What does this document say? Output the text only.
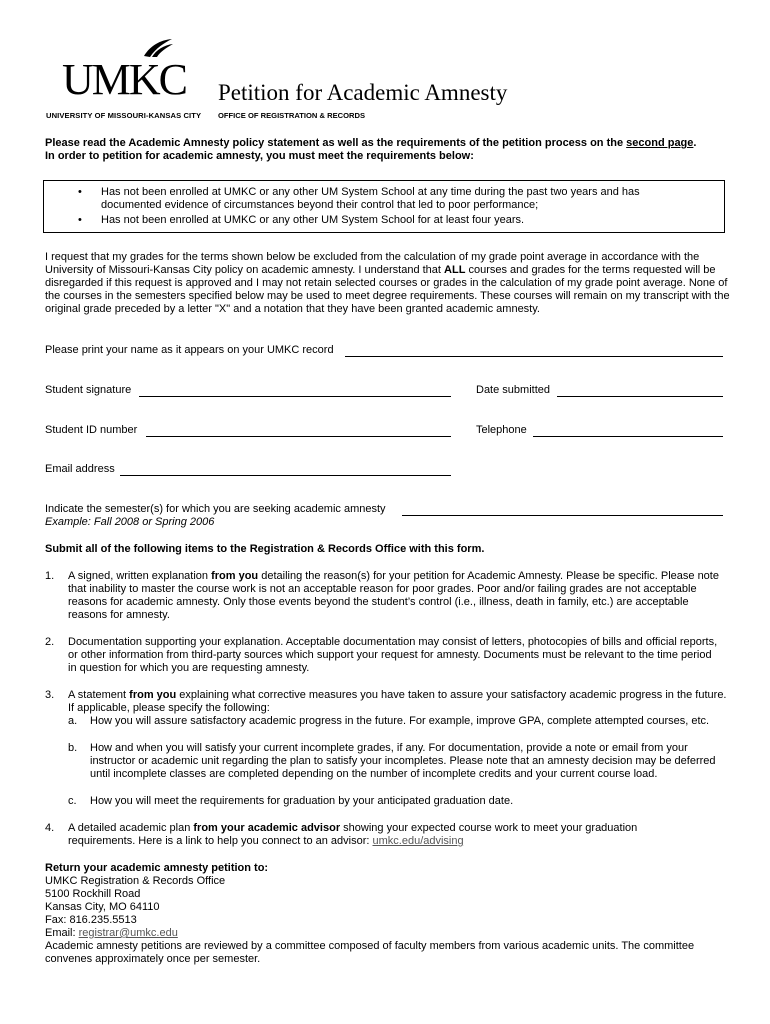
UMKC
UNIVERSITY OF MISSOURI-KANSAS CITY OFFICE OF REGISTRATION & RECORDS
Petition for Academic Amnesty
Please read the Academic Amnesty policy statement as well as the requirements of the petition process on the second page.
In order to petition for academic amnesty, you must meet the requirements below:
• Has not been enrolled at UMKC or any other UM System School at any time during the past two years and has documented evidence of circumstances beyond their control that led to poor performance;
• Has not been enrolled at UMKC or any other UM System School for at least four years.
I request that my grades for the terms shown below be excluded from the calculation of my grade point average in accordance with the University of Missouri-Kansas City policy on academic amnesty. I understand that ALL courses and grades for the terms requested will be disregarded if this request is approved and I may not retain selected courses or grades in the calculation of my grade point average. None of the courses in the semesters specified below may be used to meet degree requirements. These courses will remain on my transcript with the original grade preceded by a letter "X" and a notation that they have been granted academic amnesty.
Please print your name as it appears on your UMKC record
Student signature	Date submitted
Student ID number	Telephone
Email address
Indicate the semester(s) for which you are seeking academic amnesty
Example: Fall 2008 or Spring 2006
Submit all of the following items to the Registration & Records Office with this form.
1. A signed, written explanation from you detailing the reason(s) for your petition for Academic Amnesty. Please be specific. Please note that inability to master the course work is not an acceptable reason for poor grades. Poor and/or failing grades are not acceptable reasons for academic amnesty. Only those events beyond the student’s control (i.e., illness, death in family, etc.) are acceptable reasons for amnesty.
2. Documentation supporting your explanation. Acceptable documentation may consist of letters, photocopies of bills and official reports, or other information from third-party sources which support your request for amnesty. Documents must be relevant to the time period in question for which you are requesting amnesty.
3. A statement from you explaining what corrective measures you have taken to assure your satisfactory academic progress in the future. If applicable, please specify the following:
a. How you will assure satisfactory academic progress in the future. For example, improve GPA, complete attempted courses, etc.
b. How and when you will satisfy your current incomplete grades, if any. For documentation, provide a note or email from your instructor or academic unit regarding the plan to satisfy your incompletes. Please note that an amnesty decision may be deferred until incomplete classes are completed depending on the number of incomplete credits and your current course load.
c. How you will meet the requirements for graduation by your anticipated graduation date.
4. A detailed academic plan from your academic advisor showing your expected course work to meet your graduation requirements. Here is a link to help you connect to an advisor: umkc.edu/advising
Return your academic amnesty petition to:
UMKC Registration & Records Office
5100 Rockhill Road
Kansas City, MO 64110
Fax: 816.235.5513
Email: registrar@umkc.edu
Academic amnesty petitions are reviewed by a committee composed of faculty members from various academic units. The committee convenes approximately once per semester.
